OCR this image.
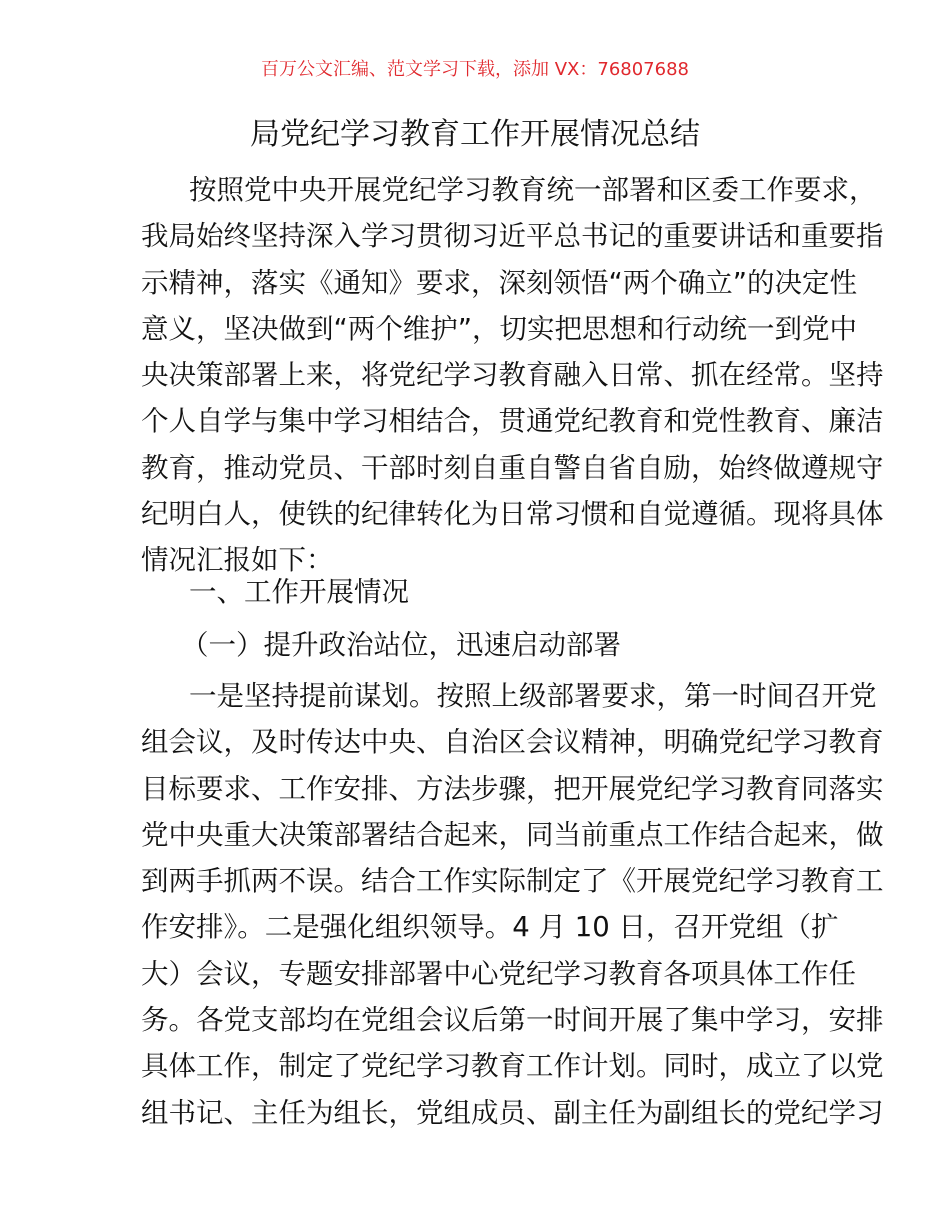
百万公文汇编、范文学习下载，添加 VX：76807688
局党纪学习教育工作开展情况总结
按照党中央开展党纪学习教育统一部署和区委工作要求，
我局始终坚持深入学习贯彻习近平总书记的重要讲话和重要指
示精神，落实《通知》要求，深刻领悟“两个确立”的决定性
意义，坚决做到“两个维护”，切实把思想和行动统一到党中
央决策部署上来，将党纪学习教育融入日常、抓在经常。坚持
个人自学与集中学习相结合，贯通党纪教育和党性教育、廉洁
教育，推动党员、干部时刻自重自警自省自励，始终做遵规守
纪明白人，使铁的纪律转化为日常习惯和自觉遵循。现将具体
情况汇报如下：
一、工作开展情况
（一）提升政治站位，迅速启动部署
一是坚持提前谋划。按照上级部署要求，第一时间召开党
组会议，及时传达中央、自治区会议精神，明确党纪学习教育
目标要求、工作安排、方法步骤，把开展党纪学习教育同落实
党中央重大决策部署结合起来，同当前重点工作结合起来，做
到两手抓两不误。结合工作实际制定了《开展党纪学习教育工
作安排》。二是强化组织领导。4 月 10 日，召开党组（扩
大）会议，专题安排部署中心党纪学习教育各项具体工作任
务。各党支部均在党组会议后第一时间开展了集中学习，安排
具体工作，制定了党纪学习教育工作计划。同时，成立了以党
组书记、主任为组长，党组成员、副主任为副组长的党纪学习
